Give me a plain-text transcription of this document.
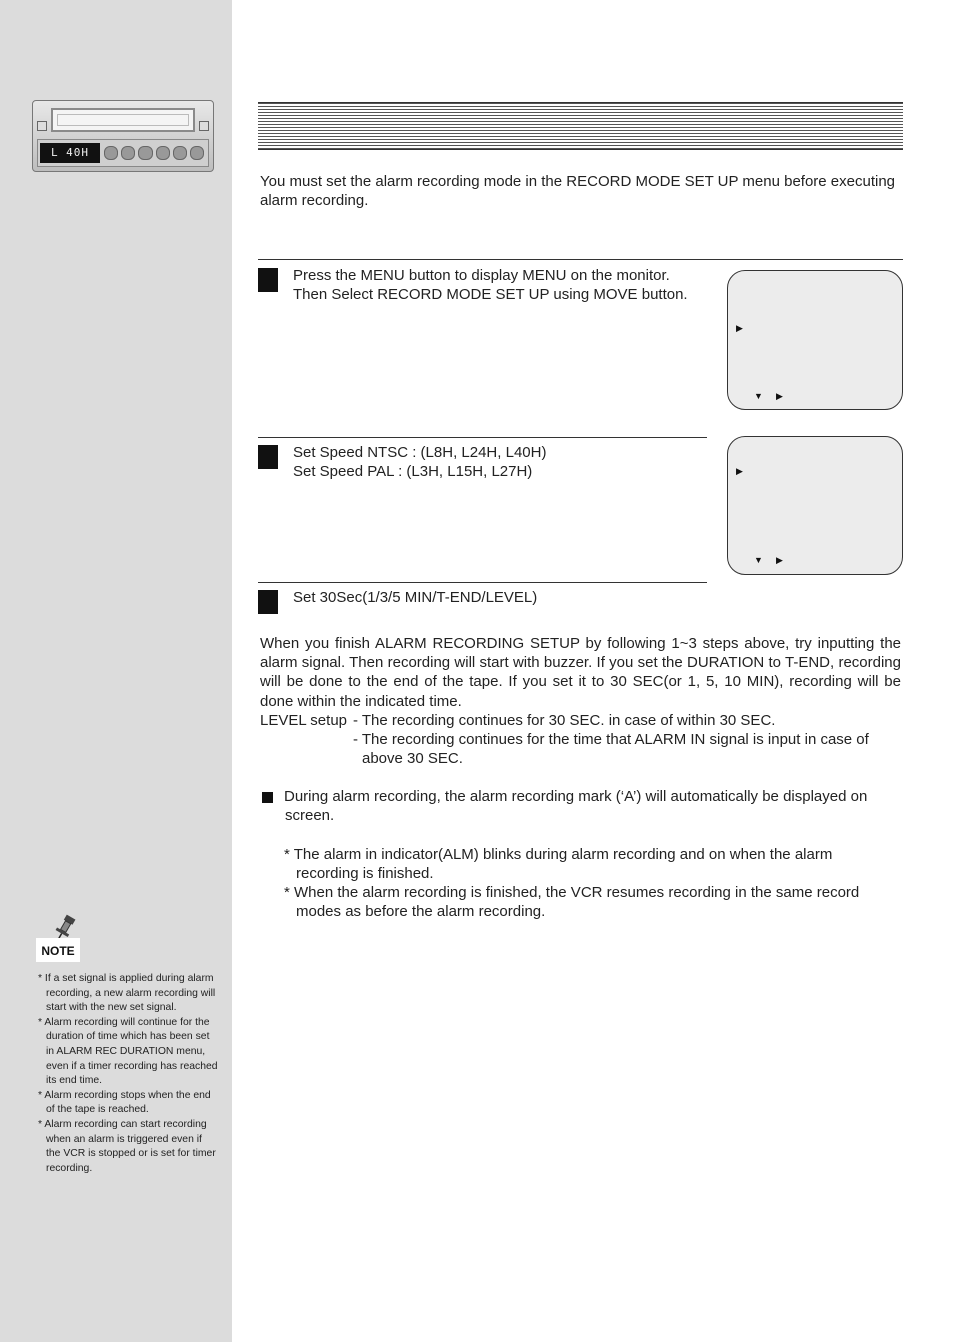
L 40H
You must set the alarm recording mode in the RECORD MODE SET UP menu before executing alarm recording.
Press the MENU button to display MENU on the monitor.
Then Select RECORD MODE SET UP using MOVE button.
▶
▼ ▶
Set Speed NTSC : (L8H, L24H, L40H)
Set Speed PAL : (L3H, L15H, L27H)	▶
▼ ▶
Set 30Sec(1/3/5 MIN/T-END/LEVEL)
When you finish ALARM RECORDING SETUP by following 1~3 steps above, try inputting the alarm signal. Then recording will start with buzzer. If you set the DURATION to T-END, recording will be done to the end of the tape. If you set it to 30 SEC(or 1, 5, 10 MIN), recording will be done within the indicated time.
LEVEL setup - The recording continues for 30 SEC. in case of within 30 SEC.
- The recording continues for the time that ALARM IN signal is input in case of
above 30 SEC.
During alarm recording, the alarm recording mark (‘A’) will automatically be displayed on
screen.
* The alarm in indicator(ALM) blinks during alarm recording and on when the alarm
recording is finished.
* When the alarm recording is finished, the VCR resumes recording in the same record
modes as before the alarm recording.
NOTE
* If a set signal is applied during alarm recording, a new alarm recording will start with the new set signal.
* Alarm recording will continue for the duration of time which has been set in ALARM REC DURATION menu, even if a timer recording has reached its end time.
* Alarm recording stops when the end of the tape is reached.
* Alarm recording can start recording when an alarm is triggered even if the VCR is stopped or is set for timer recording.
